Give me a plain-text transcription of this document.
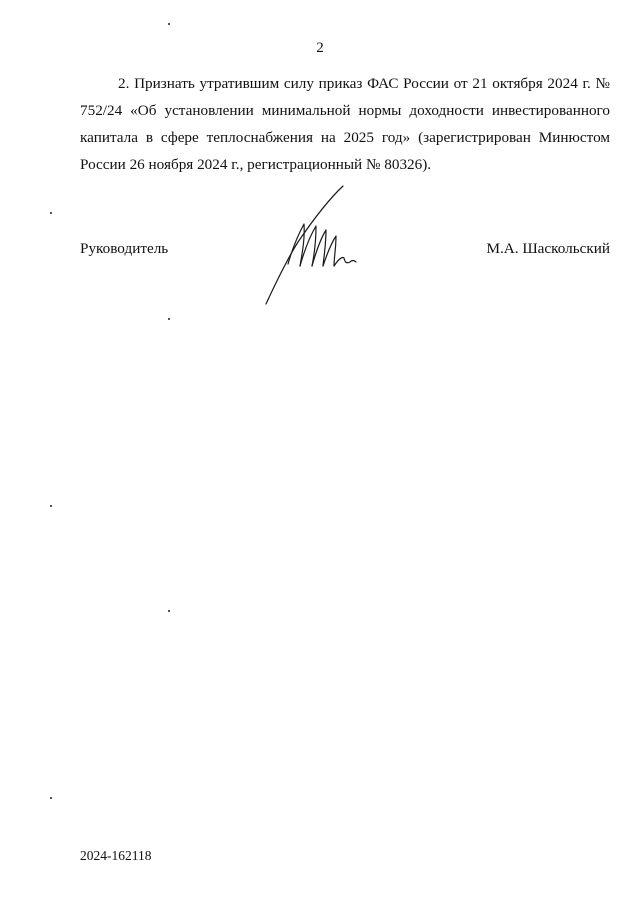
2

2. Признать утратившим силу приказ ФАС России от 21 октября 2024 г. № 752/24 «Об установлении минимальной нормы доходности инвестированного капитала в сфере теплоснабжения на 2025 год» (зарегистрирован Минюстом России 26 ноября 2024 г., регистрационный № 80326).

Руководитель	М.А. Шаскольский
2024-162118
